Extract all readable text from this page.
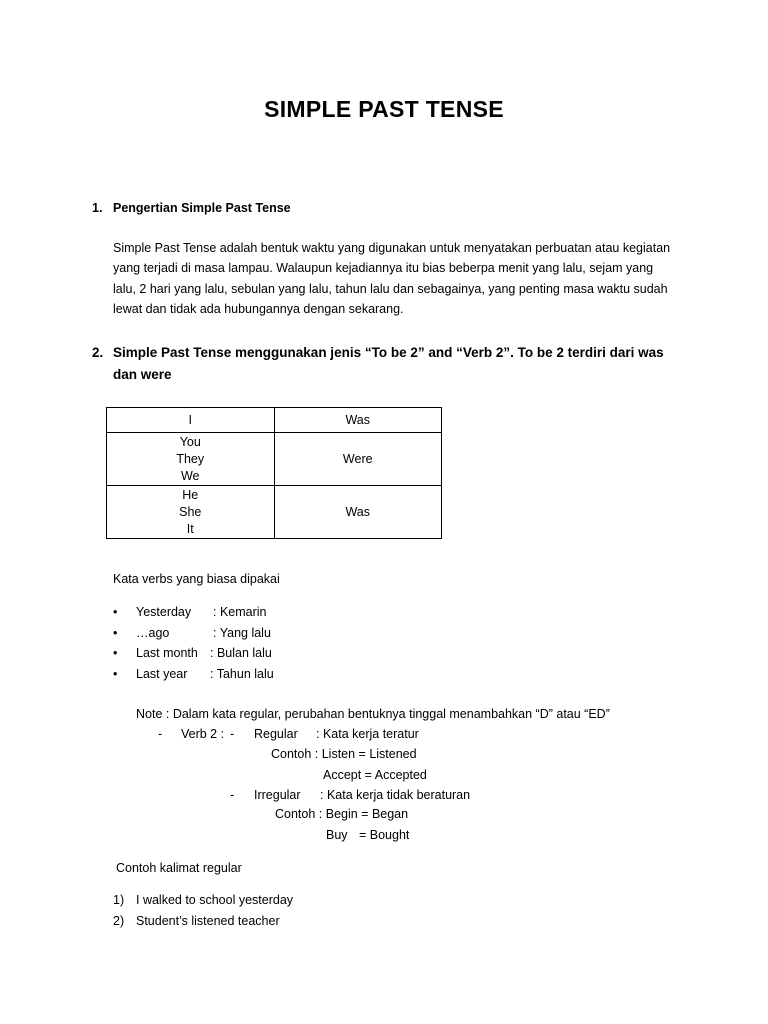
SIMPLE PAST TENSE
1. Pengertian Simple Past Tense
Simple Past Tense adalah bentuk waktu yang digunakan untuk menyatakan perbuatan atau kegiatan
yang terjadi di masa lampau. Walaupun kejadiannya itu bias beberpa menit yang lalu, sejam yang
lalu, 2 hari yang lalu, sebulan yang lalu, tahun lalu dan sebagainya, yang penting masa waktu sudah
lewat dan tidak ada hubungannya dengan sekarang.
2. Simple Past Tense menggunakan jenis “To be 2” and “Verb 2”. To be 2 terdiri dari was
dan were
I	Was

You
They
We	Were

He
She
It	Was
Kata verbs yang biasa dipakai
• Yesterday : Kemarin
• …ago	: Yang lalu
• Last month : Bulan lalu
• Last year : Tahun lalu
Note : Dalam kata regular, perubahan bentuknya tinggal menambahkan “D” atau “ED”
- Verb 2 : - Regular : Kata kerja teratur
Contoh : Listen = Listened
Accept = Accepted
- Irregular : Kata kerja tidak beraturan
Contoh : Begin = Began
Buy = Bought
Contoh kalimat regular
1) I walked to school yesterday
2) Student’s listened teacher
